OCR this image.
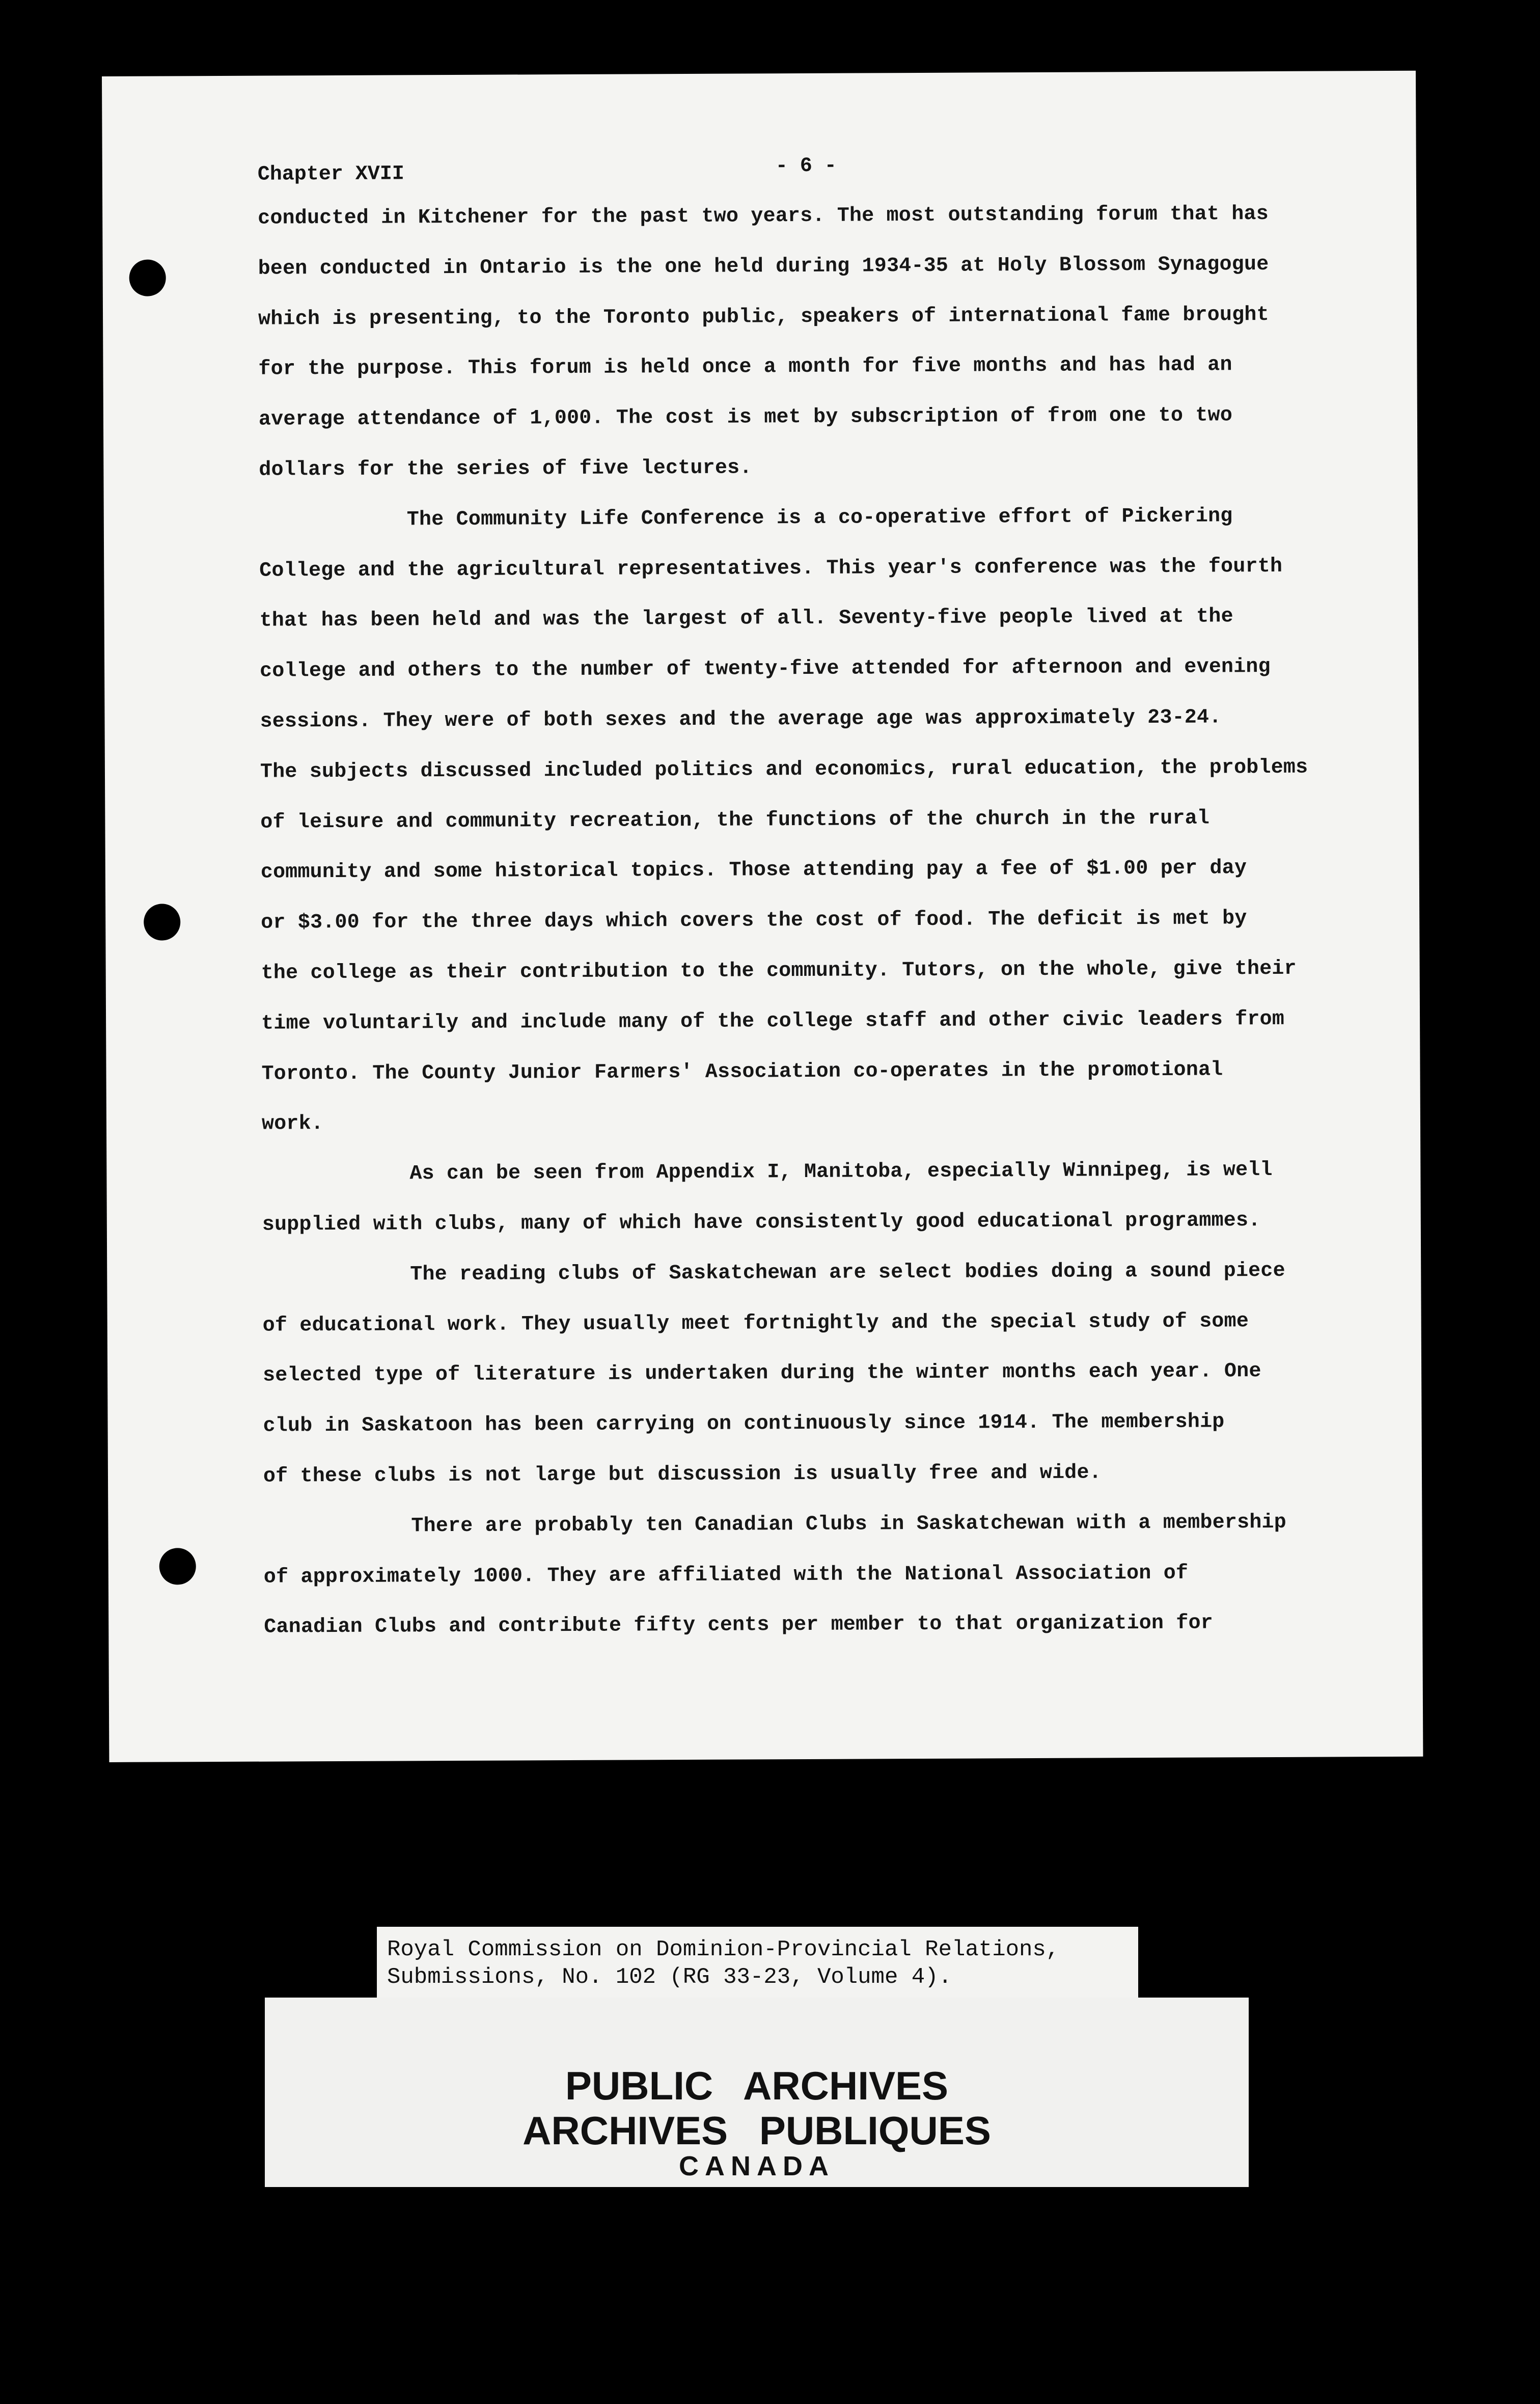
Chapter XVII	- 6 -
conducted in Kitchener for the past two years. The most outstanding forum that has
been conducted in Ontario is the one held during 1934-35 at Holy Blossom Synagogue
which is presenting, to the Toronto public, speakers of international fame brought
for the purpose. This forum is held once a month for five months and has had an
average attendance of 1,000. The cost is met by subscription of from one to two
dollars for the series of five lectures.
The Community Life Conference is a co-operative effort of Pickering
College and the agricultural representatives. This year's conference was the fourth
that has been held and was the largest of all. Seventy-five people lived at the
college and others to the number of twenty-five attended for afternoon and evening
sessions. They were of both sexes and the average age was approximately 23-24.
The subjects discussed included politics and economics, rural education, the problems
of leisure and community recreation, the functions of the church in the rural
community and some historical topics. Those attending pay a fee of $1.00 per day
or $3.00 for the three days which covers the cost of food. The deficit is met by
the college as their contribution to the community. Tutors, on the whole, give their
time voluntarily and include many of the college staff and other civic leaders from
Toronto. The County Junior Farmers' Association co-operates in the promotional
work.
As can be seen from Appendix I, Manitoba, especially Winnipeg, is well
supplied with clubs, many of which have consistently good educational programmes.
The reading clubs of Saskatchewan are select bodies doing a sound piece
of educational work. They usually meet fortnightly and the special study of some
selected type of literature is undertaken during the winter months each year. One
club in Saskatoon has been carrying on continuously since 1914. The membership
of these clubs is not large but discussion is usually free and wide.
There are probably ten Canadian Clubs in Saskatchewan with a membership
of approximately 1000. They are affiliated with the National Association of
Canadian Clubs and contribute fifty cents per member to that organization for
Royal Commission on Dominion-Provincial Relations,
Submissions, No. 102 (RG 33-23, Volume 4).
PUBLIC ARCHIVES
ARCHIVES PUBLIQUES
CANADA
